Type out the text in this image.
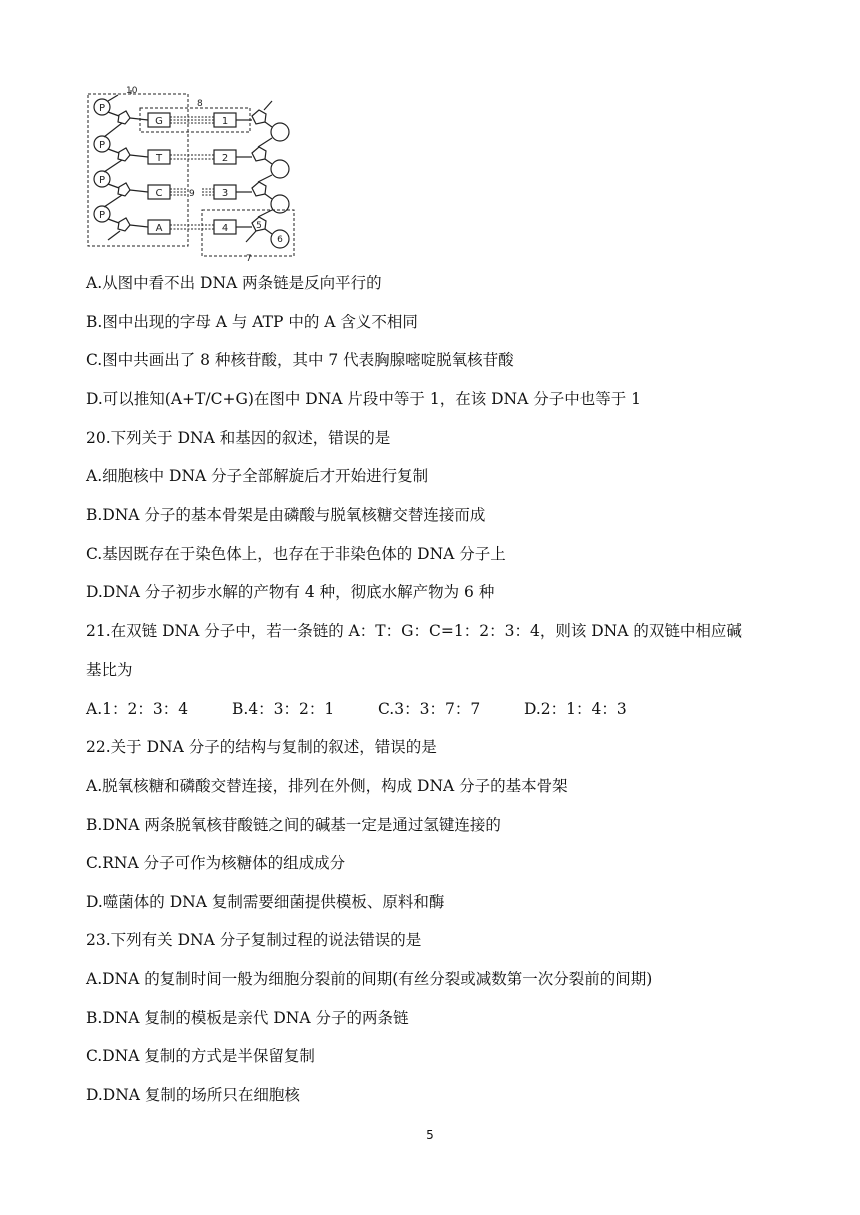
10
8
7
P
P
P
P
G
T
C
A
9
1
2
3
4	5
6
A.从图中看不出 DNA 两条链是反向平行的
B.图中出现的字母 A 与 ATP 中的 A 含义不相同
C.图中共画出了 8 种核苷酸，其中 7 代表胸腺嘧啶脱氧核苷酸
D.可以推知(A+T/C+G)在图中 DNA 片段中等于 1，在该 DNA 分子中也等于 1
20.下列关于 DNA 和基因的叙述，错误的是
A.细胞核中 DNA 分子全部解旋后才开始进行复制
B.DNA 分子的基本骨架是由磷酸与脱氧核糖交替连接而成
C.基因既存在于染色体上，也存在于非染色体的 DNA 分子上
D.DNA 分子初步水解的产物有 4 种，彻底水解产物为 6 种
21.在双链 DNA 分子中，若一条链的 A：T：G：C=1：2：3：4，则该 DNA 的双链中相应碱
基比为
A.1：2：3：4	B.4：3：2：1	C.3：3：7：7	D.2：1：4：3
22.关于 DNA 分子的结构与复制的叙述，错误的是
A.脱氧核糖和磷酸交替连接，排列在外侧，构成 DNA 分子的基本骨架
B.DNA 两条脱氧核苷酸链之间的碱基一定是通过氢键连接的
C.RNA 分子可作为核糖体的组成成分
D.噬菌体的 DNA 复制需要细菌提供模板、原料和酶
23.下列有关 DNA 分子复制过程的说法错误的是
A.DNA 的复制时间一般为细胞分裂前的间期(有丝分裂或减数第一次分裂前的间期)
B.DNA 复制的模板是亲代 DNA 分子的两条链
C.DNA 复制的方式是半保留复制
D.DNA 复制的场所只在细胞核
5
